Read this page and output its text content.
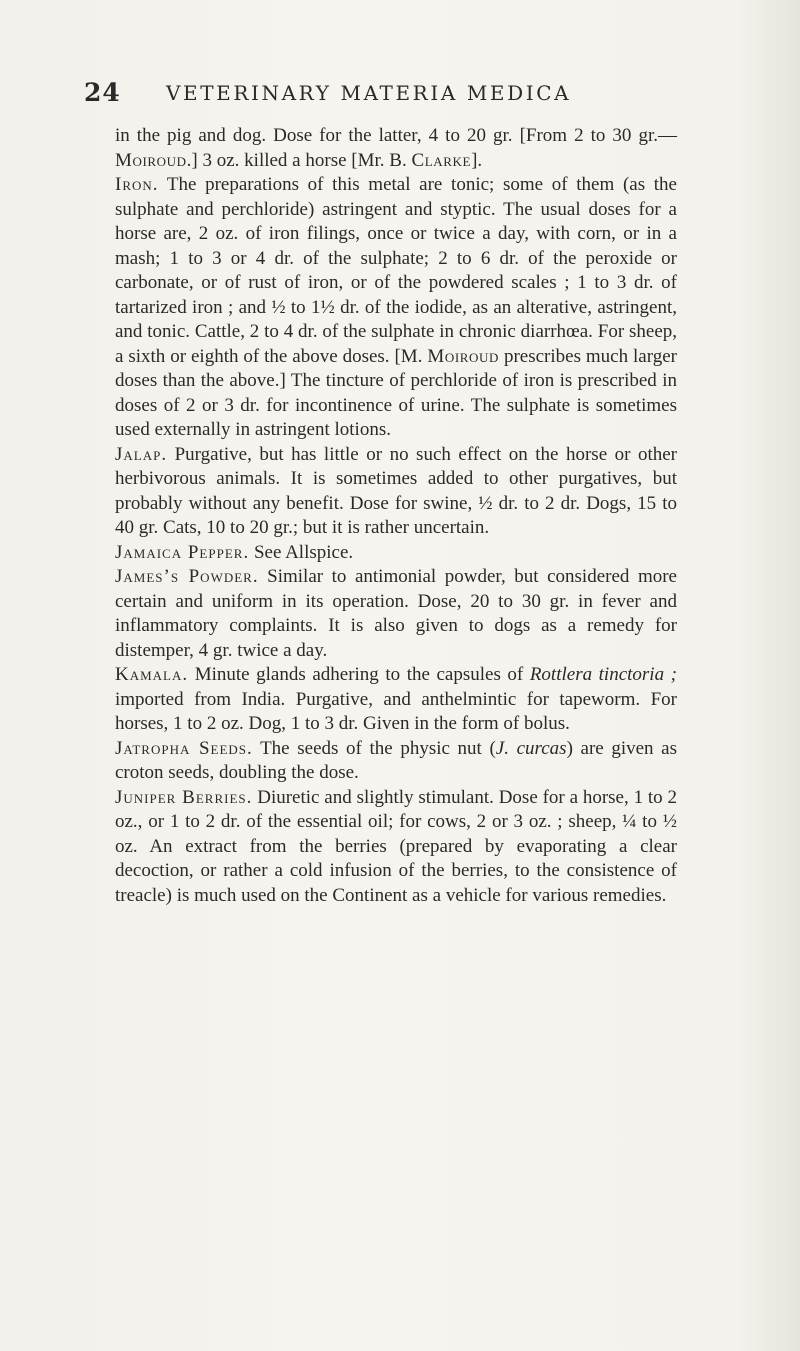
24 VETERINARY MATERIA MEDICA

in the pig and dog. Dose for the latter, 4 to 20 gr. [From 2 to 30 gr.—Moiroud.] 3 oz. killed a horse [Mr. B. Clarke].

Iron. The preparations of this metal are tonic; some of them (as the sulphate and perchloride) astringent and styptic. The usual doses for a horse are, 2 oz. of iron filings, once or twice a day, with corn, or in a mash; 1 to 3 or 4 dr. of the sulphate; 2 to 6 dr. of the peroxide or carbonate, or of rust of iron, or of the powdered scales ; 1 to 3 dr. of tartarized iron ; and ½ to 1½ dr. of the iodide, as an alterative, astringent, and tonic. Cattle, 2 to 4 dr. of the sulphate in chronic diarrhœa. For sheep, a sixth or eighth of the above doses. [M. Moiroud prescribes much larger doses than the above.] The tincture of perchloride of iron is prescribed in doses of 2 or 3 dr. for incontinence of urine. The sulphate is sometimes used externally in astringent lotions.

Jalap. Purgative, but has little or no such effect on the horse or other herbivorous animals. It is sometimes added to other purgatives, but probably without any benefit. Dose for swine, ½ dr. to 2 dr. Dogs, 15 to 40 gr. Cats, 10 to 20 gr.; but it is rather uncertain.

Jamaica Pepper. See Allspice.

James’s Powder. Similar to antimonial powder, but considered more certain and uniform in its operation. Dose, 20 to 30 gr. in fever and inflammatory complaints. It is also given to dogs as a remedy for distemper, 4 gr. twice a day.

Kamala. Minute glands adhering to the capsules of Rottlera tinctoria ; imported from India. Purgative, and anthelmintic for tapeworm. For horses, 1 to 2 oz. Dog, 1 to 3 dr. Given in the form of bolus.

Jatropha Seeds. The seeds of the physic nut (J. curcas) are given as croton seeds, doubling the dose.

Juniper Berries. Diuretic and slightly stimulant. Dose for a horse, 1 to 2 oz., or 1 to 2 dr. of the essential oil; for cows, 2 or 3 oz. ; sheep, ¼ to ½ oz. An extract from the berries (prepared by evaporating a clear decoction, or rather a cold infusion of the berries, to the consistence of treacle) is much used on the Continent as a vehicle for various remedies.
